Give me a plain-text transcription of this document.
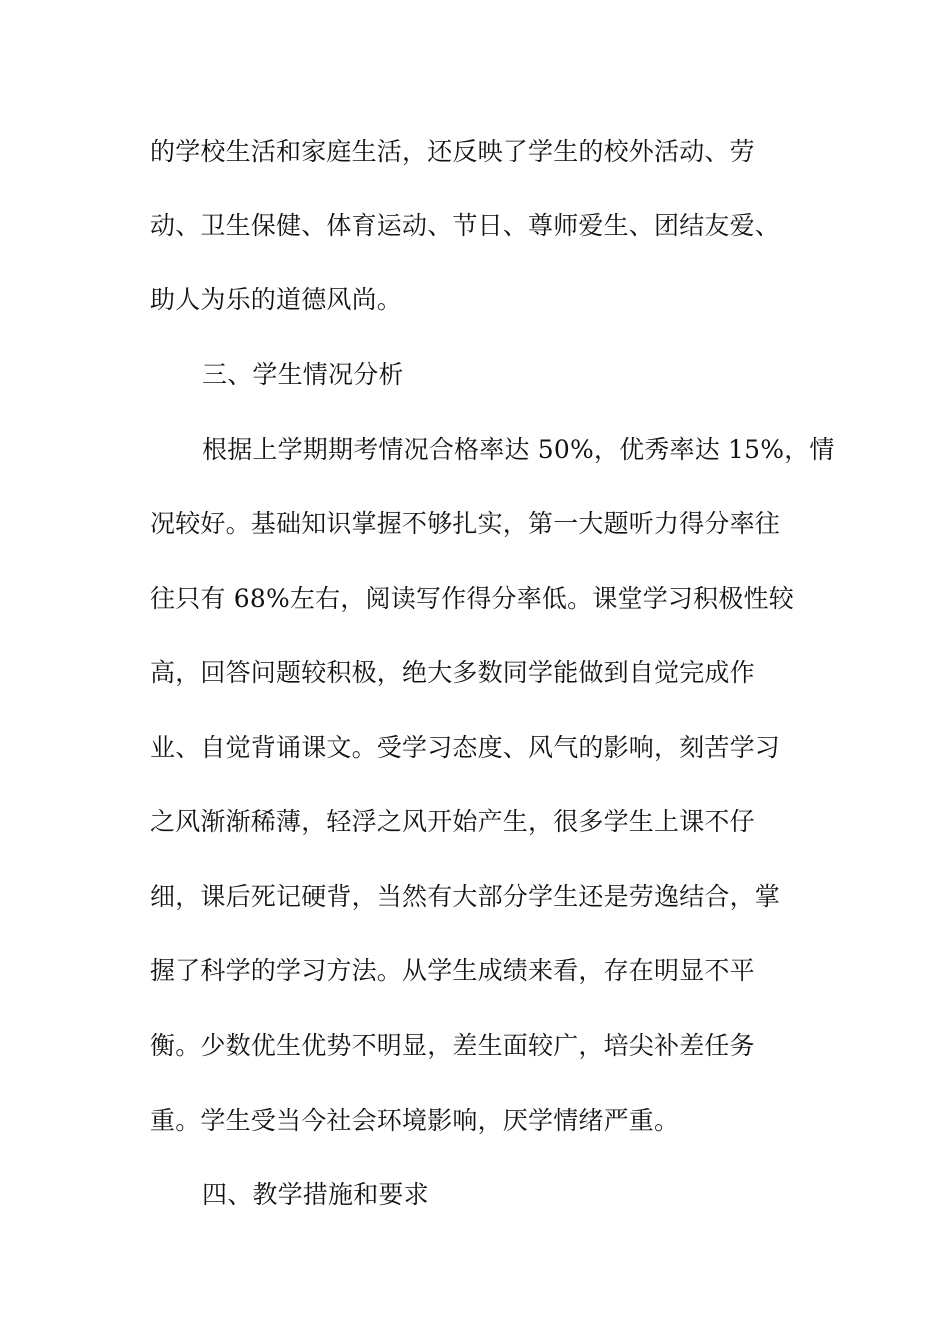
的学校生活和家庭生活，还反映了学生的校外活动、劳
动、卫生保健、体育运动、节日、尊师爱生、团结友爱、
助人为乐的道德风尚。
三、学生情况分析
根据上学期期考情况合格率达 50%，优秀率达 15%，情
况较好。基础知识掌握不够扎实，第一大题听力得分率往
往只有 68%左右，阅读写作得分率低。课堂学习积极性较
高，回答问题较积极，绝大多数同学能做到自觉完成作
业、自觉背诵课文。受学习态度、风气的影响，刻苦学习
之风渐渐稀薄，轻浮之风开始产生，很多学生上课不仔
细，课后死记硬背，当然有大部分学生还是劳逸结合，掌
握了科学的学习方法。从学生成绩来看，存在明显不平
衡。少数优生优势不明显，差生面较广，培尖补差任务
重。学生受当今社会环境影响，厌学情绪严重。
四、教学措施和要求
